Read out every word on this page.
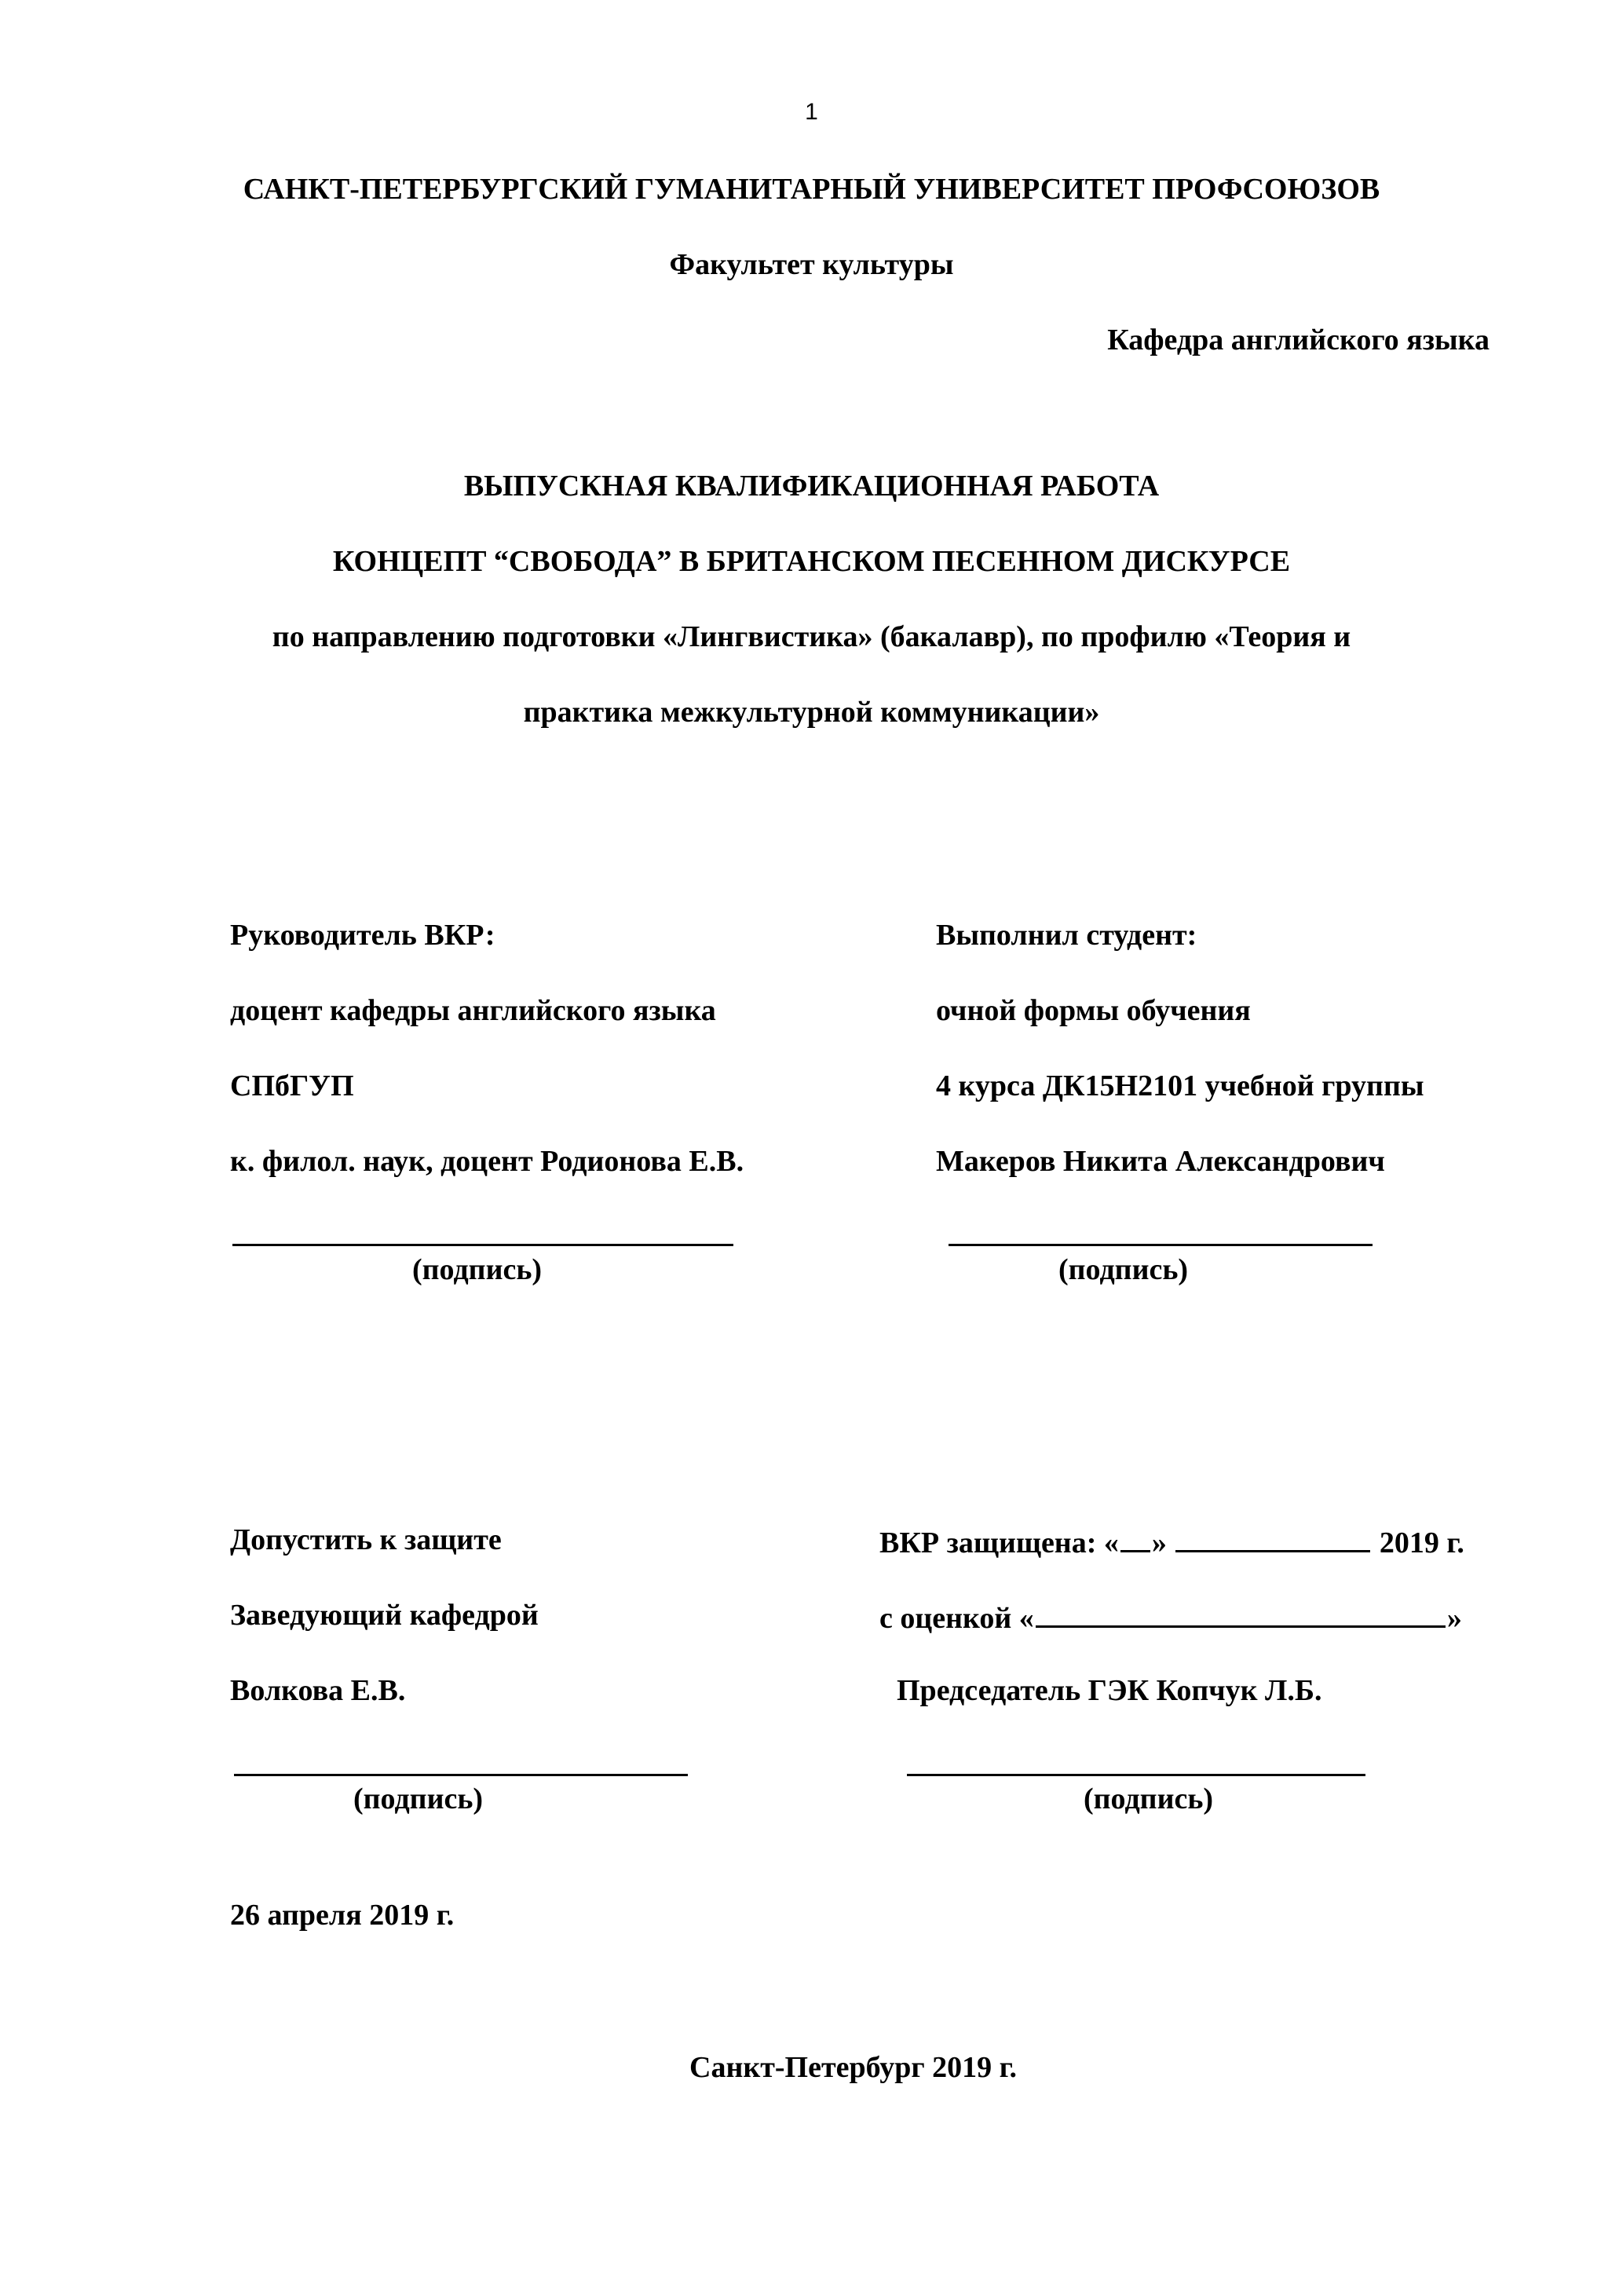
1
САНКТ-ПЕТЕРБУРГСКИЙ ГУМАНИТАРНЫЙ УНИВЕРСИТЕТ ПРОФСОЮЗОВ
Факультет культуры
Кафедра английского языка
ВЫПУСКНАЯ КВАЛИФИКАЦИОННАЯ РАБОТА
КОНЦЕПТ “СВОБОДА” В БРИТАНСКОМ ПЕСЕННОМ ДИСКУРСЕ
по направлению подготовки «Лингвистика» (бакалавр), по профилю «Теория и
практика межкультурной коммуникации»
Руководитель ВКР:
доцент кафедры английского языка
СПбГУП
к. филол. наук, доцент Родионова Е.В.
(подпись)
Выполнил студент:
очной формы обучения
4 курса ДК15Н2101 учебной группы
Макеров Никита Александрович
(подпись)
Допустить к защите
Заведующий кафедрой
Волкова Е.В.
(подпись)
26 апреля 2019 г.
ВКР защищена: « »	2019 г.
с оценкой «	»
Председатель ГЭК Копчук Л.Б.
(подпись)
Санкт-Петербург 2019 г.
